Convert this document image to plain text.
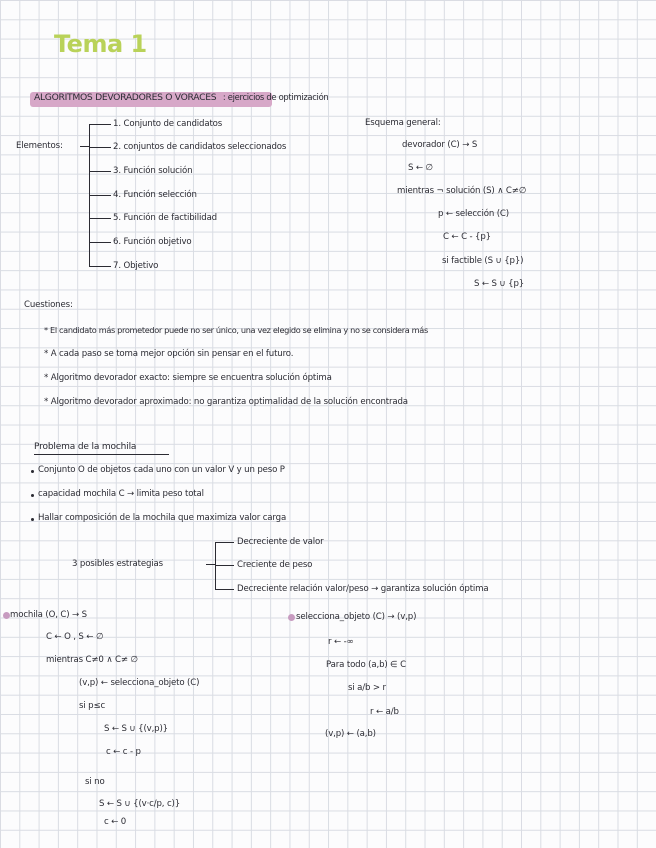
Tema 1
ALGORITMOS DEVORADORES O VORACES : ejercicios de optimización
Elementos:
1. Conjunto de candidatos
2. conjuntos de candidatos seleccionados
3. Función solución
4. Función selección
5. Función de factibilidad
6. Función objetivo
7. Objetivo
Esquema general:
devorador (C) → S
S ← ∅
mientras ¬ solución (S) ∧ C≠∅
p ← selección (C)
C ← C - {p}
si factible (S ∪ {p})
S ← S ∪ {p}
Cuestiones:
* El candidato más prometedor puede no ser único, una vez elegido se elimina y no se considera más
* A cada paso se toma mejor opción sin pensar en el futuro.
* Algoritmo devorador exacto: siempre se encuentra solución óptima
* Algoritmo devorador aproximado: no garantiza optimalidad de la solución encontrada
Problema de la mochila
Conjunto O de objetos cada uno con un valor V y un peso P
capacidad mochila C → limita peso total
Hallar composición de la mochila que maximiza valor carga
3 posibles estrategias
Decreciente de valor
Creciente de peso
Decreciente relación valor/peso → garantiza solución óptima
mochila (O, C) → S
C ← O , S ← ∅
mientras C≠0 ∧ C≠ ∅
(v,p) ← selecciona_objeto (C)
si p≤c
S ← S ∪ {(v,p)}
c ← c - p
si no
S ← S ∪ {(v·c/p, c)}
c ← 0
selecciona_objeto (C) → (v,p)
r ← -∞
Para todo (a,b) ∈ C
si a/b > r
r ← a/b
(v,p) ← (a,b)
